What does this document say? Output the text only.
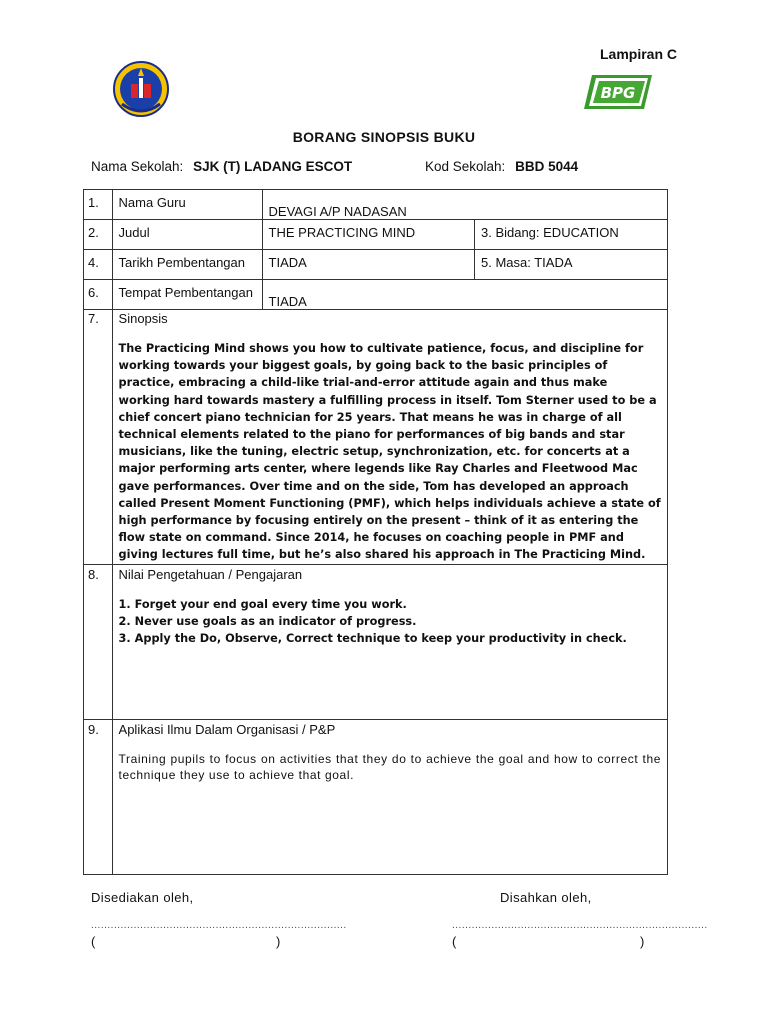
Lampiran C
BPG
BORANG SINOPSIS BUKU
Nama Sekolah: SJK (T) LADANG ESCOT	Kod Sekolah: BBD 5044
1.	Nama Guru	DEVAGI A/P NADASAN	
2.	Judul	THE PRACTICING MIND	3. Bidang: EDUCATION
4.	Tarikh Pembentangan	TIADA	5. Masa: TIADA
6.	Tempat Pembentangan	TIADA	
7.	Sinopsis
The Practicing Mind shows you how to cultivate patience, focus, and discipline for working towards your biggest goals, by going back to the basic principles of practice, embracing a child-like trial-and-error attitude again and thus make working hard towards mastery a fulfilling process in itself. Tom Sterner used to be a chief concert piano technician for 25 years. That means he was in charge of all technical elements related to the piano for performances of big bands and star musicians, like the tuning, electric setup, synchronization, etc. for concerts at a major performing arts center, where legends like Ray Charles and Fleetwood Mac gave performances. Over time and on the side, Tom has developed an approach called Present Moment Functioning (PMF), which helps individuals achieve a state of high performance by focusing entirely on the present – think of it as entering the flow state on command. Since 2014, he focuses on coaching people in PMF and giving lectures full time, but he’s also shared his approach in The Practicing Mind.		

8.	Nilai Pengetahuan / Pengajaran
1. Forget your end goal every time you work.
2. Never use goals as an indicator of progress.
3. Apply the Do, Observe, Correct technique to keep your productivity in check.		

9.	Aplikasi Ilmu Dalam Organisasi / P&P
Training pupils to focus on activities that they do to achieve the goal and how to correct the technique they use to achieve that goal.		
Disediakan oleh,	Disahkan oleh,
..............................................................................	..............................................................................
(	)	(	)
